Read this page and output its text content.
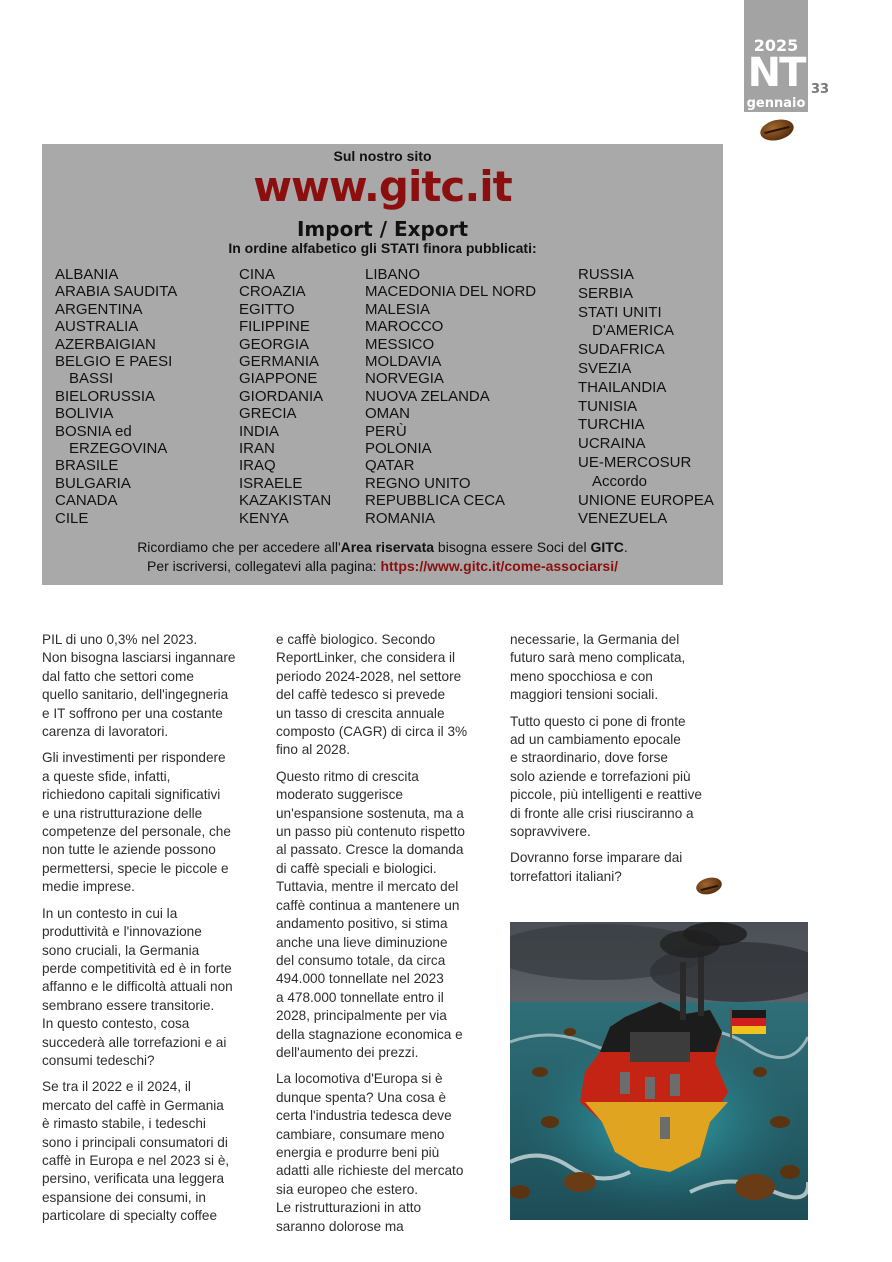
2025
NT
gennaio
33
Sul nostro sito
www.gitc.it
Import / Export
In ordine alfabetico gli STATI finora pubblicati:
ALBANIA
ARABIA SAUDITA
ARGENTINA
AUSTRALIA
AZERBAIGIAN
BELGIO E PAESI
BASSI
BIELORUSSIA
BOLIVIA
BOSNIA ed
ERZEGOVINA
BRASILE
BULGARIA
CANADA
CILE
CINA
CROAZIA
EGITTO
FILIPPINE
GEORGIA
GERMANIA
GIAPPONE
GIORDANIA
GRECIA
INDIA
IRAN
IRAQ
ISRAELE
KAZAKISTAN
KENYA
LIBANO
MACEDONIA DEL NORD
MALESIA
MAROCCO
MESSICO
MOLDAVIA
NORVEGIA
NUOVA ZELANDA
OMAN
PERÙ
POLONIA
QATAR
REGNO UNITO
REPUBBLICA CECA
ROMANIA
RUSSIA
SERBIA
STATI UNITI
D'AMERICA
SUDAFRICA
SVEZIA
THAILANDIA
TUNISIA
TURCHIA
UCRAINA
UE-MERCOSUR
Accordo
UNIONE EUROPEA
VENEZUELA
Ricordiamo che per accedere all'Area riservata bisogna essere Soci del GITC.
Per iscriversi, collegatevi alla pagina: https://www.gitc.it/come-associarsi/

PIL di uno 0,3% nel 2023.
Non bisogna lasciarsi ingannare
dal fatto che settori come
quello sanitario, dell'ingegneria
e IT soffrono per una costante
carenza di lavoratori.

Gli investimenti per rispondere
a queste sfide, infatti,
richiedono capitali significativi
e una ristrutturazione delle
competenze del personale, che
non tutte le aziende possono
permettersi, specie le piccole e
medie imprese.

In un contesto in cui la
produttività e l'innovazione
sono cruciali, la Germania
perde competitività ed è in forte
affanno e le difficoltà attuali non
sembrano essere transitorie.
In questo contesto, cosa
succederà alle torrefazioni e ai
consumi tedeschi?

Se tra il 2022 e il 2024, il
mercato del caffè in Germania
è rimasto stabile, i tedeschi
sono i principali consumatori di
caffè in Europa e nel 2023 si è,
persino, verificata una leggera
espansione dei consumi, in
particolare di specialty coffee

e caffè biologico. Secondo
ReportLinker, che considera il
periodo 2024-2028, nel settore
del caffè tedesco si prevede
un tasso di crescita annuale
composto (CAGR) di circa il 3%
fino al 2028.

Questo ritmo di crescita
moderato suggerisce
un'espansione sostenuta, ma a
un passo più contenuto rispetto
al passato. Cresce la domanda
di caffè speciali e biologici.
Tuttavia, mentre il mercato del
caffè continua a mantenere un
andamento positivo, si stima
anche una lieve diminuzione
del consumo totale, da circa
494.000 tonnellate nel 2023
a 478.000 tonnellate entro il
2028, principalmente per via
della stagnazione economica e
dell'aumento dei prezzi.

La locomotiva d'Europa si è
dunque spenta? Una cosa è
certa l'industria tedesca deve
cambiare, consumare meno
energia e produrre beni più
adatti alle richieste del mercato
sia europeo che estero.
Le ristrutturazioni in atto
saranno dolorose ma

necessarie, la Germania del
futuro sarà meno complicata,
meno spocchiosa e con
maggiori tensioni sociali.

Tutto questo ci pone di fronte
ad un cambiamento epocale
e straordinario, dove forse
solo aziende e torrefazioni più
piccole, più intelligenti e reattive
di fronte alle crisi riusciranno a
sopravvivere.

Dovranno forse imparare dai
torrefattori italiani?
